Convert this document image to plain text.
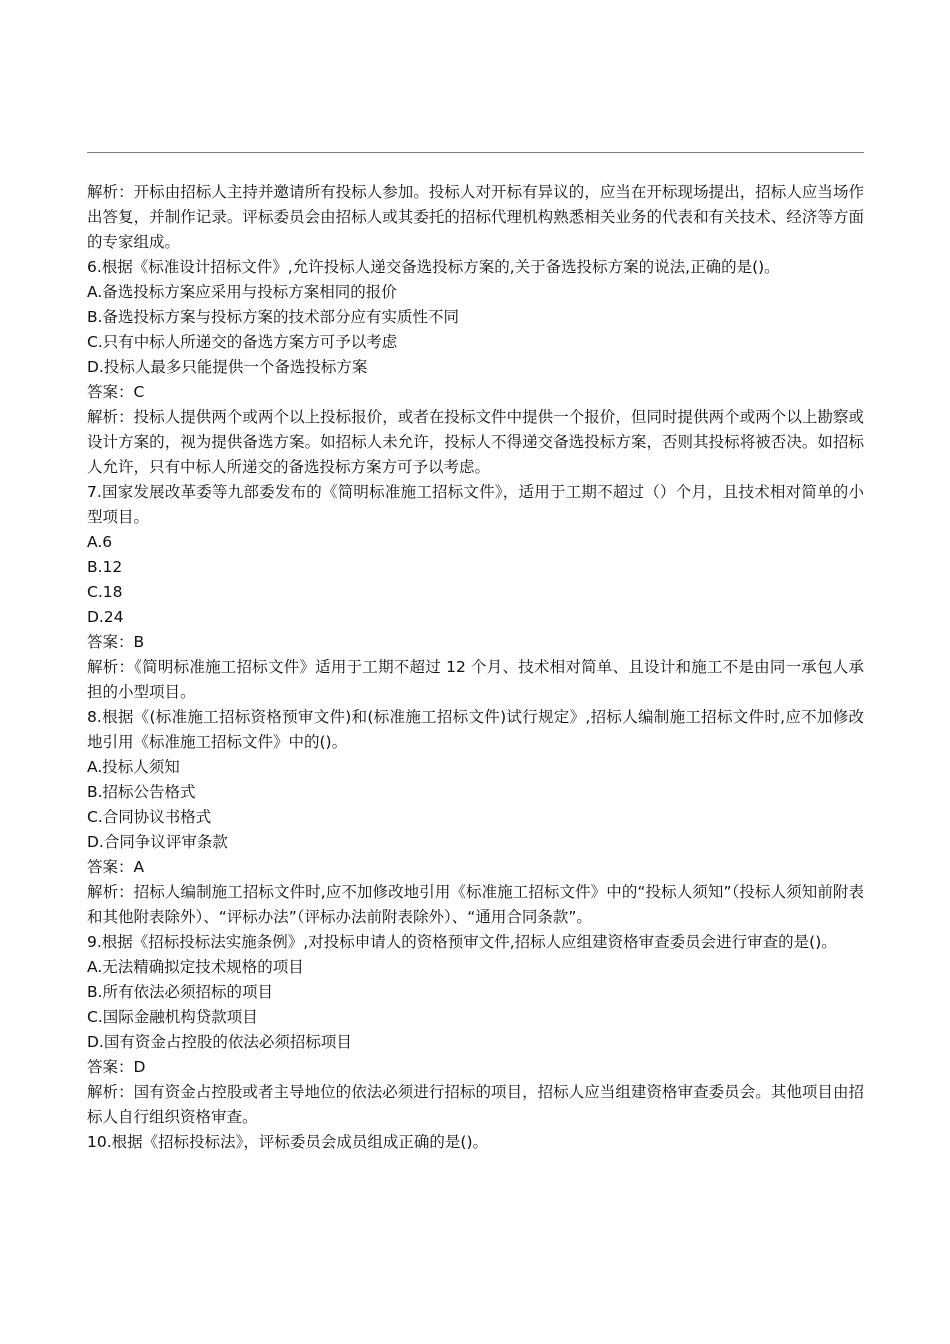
解析：开标由招标人主持并邀请所有投标人参加。投标人对开标有异议的，应当在开标现场提出，招标人应当场作出答复，并制作记录。评标委员会由招标人或其委托的招标代理机构熟悉相关业务的代表和有关技术、经济等方面的专家组成。

6.根据《标准设计招标文件》,允许投标人递交备选投标方案的,关于备选投标方案的说法,正确的是()。

A.备选投标方案应采用与投标方案相同的报价

B.备选投标方案与投标方案的技术部分应有实质性不同

C.只有中标人所递交的备选方案方可予以考虑

D.投标人最多只能提供一个备选投标方案

答案：C

解析：投标人提供两个或两个以上投标报价，或者在投标文件中提供一个报价，但同时提供两个或两个以上勘察或设计方案的，视为提供备选方案。如招标人未允许，投标人不得递交备选投标方案，否则其投标将被否决。如招标人允许，只有中标人所递交的备选投标方案方可予以考虑。

7.国家发展改革委等九部委发布的《简明标准施工招标文件》，适用于工期不超过（）个月，且技术相对简单的小型项目。

A.6

B.12

C.18

D.24

答案：B

解析：《简明标准施工招标文件》适用于工期不超过 12 个月、技术相对简单、且设计和施工不是由同一承包人承担的小型项目。

8.根据《(标准施工招标资格预审文件)和(标准施工招标文件)试行规定》,招标人编制施工招标文件时,应不加修改地引用《标准施工招标文件》中的()。

A.投标人须知

B.招标公告格式

C.合同协议书格式

D.合同争议评审条款

答案：A

解析：招标人编制施工招标文件时,应不加修改地引用《标准施工招标文件》中的“投标人须知”（投标人须知前附表和其他附表除外）、“评标办法”（评标办法前附表除外）、“通用合同条款”。

9.根据《招标投标法实施条例》,对投标申请人的资格预审文件,招标人应组建资格审查委员会进行审查的是()。

A.无法精确拟定技术规格的项目

B.所有依法必须招标的项目

C.国际金融机构贷款项目

D.国有资金占控股的依法必须招标项目

答案：D

解析：国有资金占控股或者主导地位的依法必须进行招标的项目，招标人应当组建资格审查委员会。其他项目由招标人自行组织资格审查。

10.根据《招标投标法》，评标委员会成员组成正确的是()。
